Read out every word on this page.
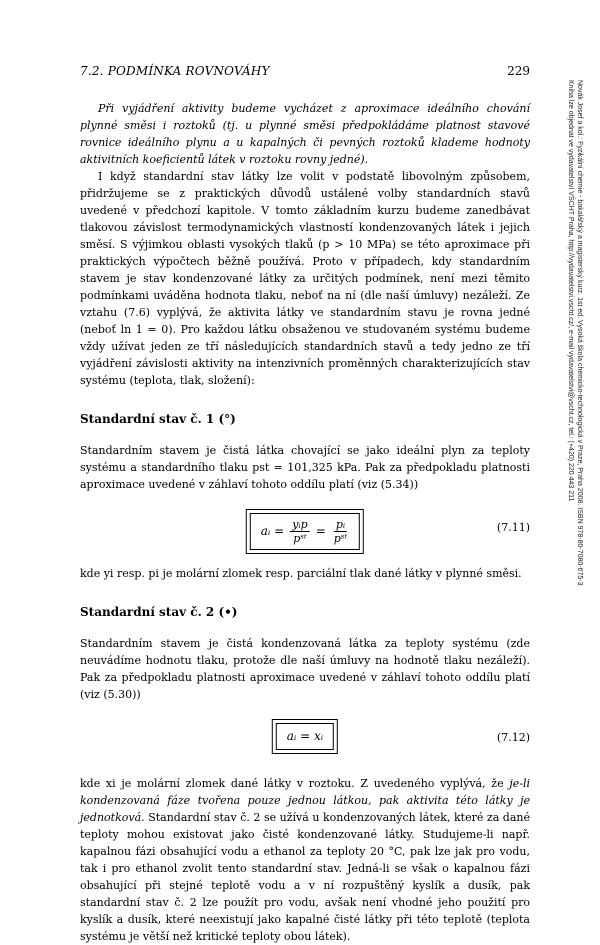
7.2. PODMÍNKA ROVNOVÁHY	229
Novák Josef a kol.: Fyzikální chemie - bakalářský a magisterský kurz. 1st ed. Vysoká škola chemicko-technologická v Praze, Praha 2008. ISBN 978-80-7080-675-3
Kniha lze objednat ve vydavatelství VŠCHT Praha, http://vydavatelstvi.vscht.cz/, e-mail vydavatelstvi@vscht.cz, tel.: (+420) 220 443 211

Při vyjádření aktivity budeme vycházet z aproximace ideálního chování plynné směsi i roztoků (tj. u plynné směsi předpokládáme platnost stavové rovnice ideálního plynu a u kapalných či pevných roztoků klademe hodnoty aktivitních koeficientů látek v roztoku rovny jedné).

I když standardní stav látky lze volit v podstatě libovolným způsobem, přidržujeme se z praktických důvodů ustálené volby standardních stavů uvedené v předchozí kapitole. V tomto základním kurzu budeme zanedbávat tlakovou závislost termodynamických vlastností kondenzovaných látek i jejich směsí. S výjimkou oblasti vysokých tlaků (p > 10 MPa) se této aproximace při praktických výpočtech běžně používá. Proto v případech, kdy standardním stavem je stav kondenzované látky za určitých podmínek, není mezi těmito podmínkami uváděna hodnota tlaku, neboť na ní (dle naší úmluvy) nezáleží. Ze vztahu (7.6) vyplývá, že aktivita látky ve standardním stavu je rovna jedné (neboť ln 1 = 0). Pro každou látku obsaženou ve studovaném systému budeme vždy užívat jeden ze tří následujících standardních stavů a tedy jedno ze tří vyjádření závislosti aktivity na intenzivních proměnných charakterizujících stav systému (teplota, tlak, složení):

Standardní stav č. 1 (°)

Standardním stavem je čistá látka chovající se jako ideální plyn za teploty systému a standardního tlaku pst = 101,325 kPa. Pak za předpokladu platnosti aproximace uvedené v záhlaví tohoto oddílu platí (viz (5.34))

aᵢ = $\frac{\text{yᵢp}}{\text{pˢᵗ}} = \frac{\text{pᵢ}}{\text{pˢᵗ}}$	(7.11)

kde yi resp. pi je molární zlomek resp. parciální tlak dané látky v plynné směsi.

Standardní stav č. 2 (•)

Standardním stavem je čistá kondenzovaná látka za teploty systému (zde neuvádíme hodnotu tlaku, protože dle naší úmluvy na hodnotě tlaku nezáleží). Pak za předpokladu platnosti aproximace uvedené v záhlaví tohoto oddílu platí (viz (5.30))

aᵢ = xᵢ	(7.12)

kde xi je molární zlomek dané látky v roztoku. Z uvedeného vyplývá, že je-li kondenzovaná fáze tvořena pouze jednou látkou, pak aktivita této látky je jednotková. Standardní stav č. 2 se užívá u kondenzovaných látek, které za dané teploty mohou existovat jako čisté kondenzované látky. Studujeme-li např. kapalnou fázi obsahující vodu a ethanol za teploty 20 °C, pak lze jak pro vodu, tak i pro ethanol zvolit tento standardní stav. Jedná-li se však o kapalnou fázi obsahující při stejné teplotě vodu a v ní rozpuštěný kyslík a dusík, pak standardní stav č. 2 lze použít pro vodu, avšak není vhodné jeho použití pro kyslík a dusík, které neexistují jako kapalné čisté látky při této teplotě (teplota systému je větší než kritické teploty obou látek).
